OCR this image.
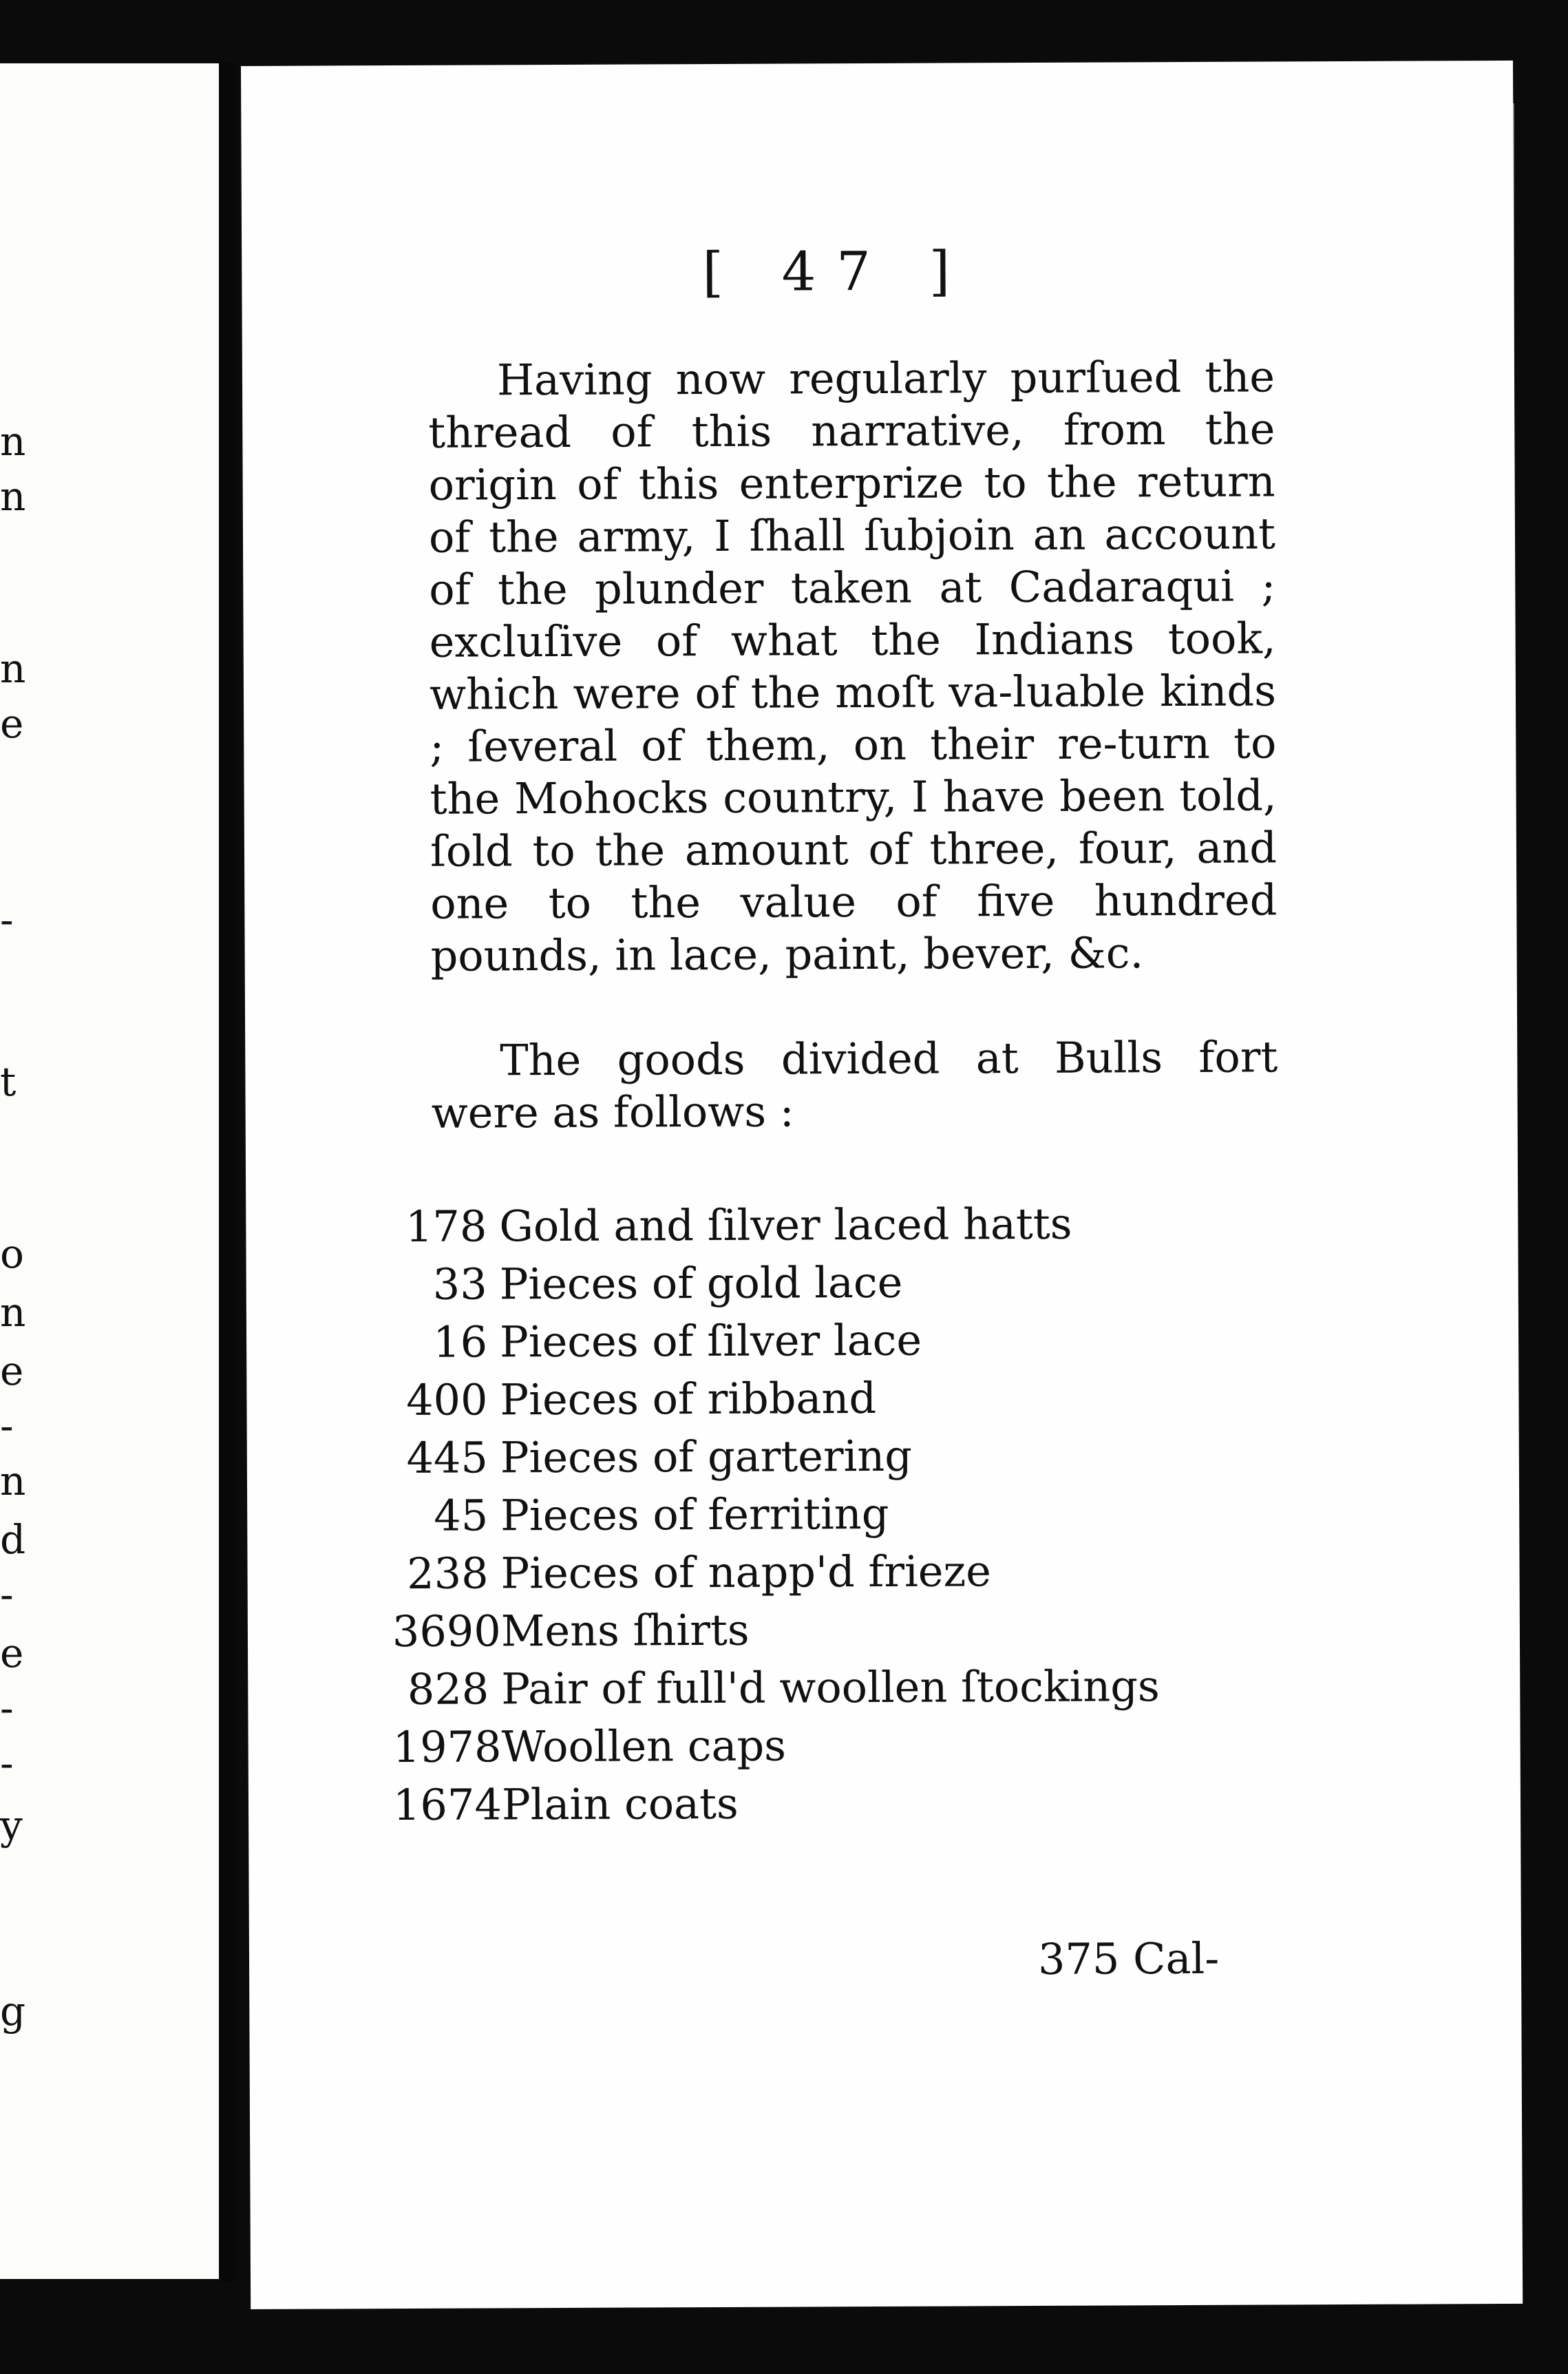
n
n
n
e
-
t
o
n
e
-
n
d
-
e
-
-
y
g
[ 47 ]

Having now regularly purſued the thread of this narrative, from the origin of this enterprize to the return of the army, I ſhall ſubjoin an account of the plunder taken at Cadaraqui ; excluſive of what the Indians took, which were of the moſt va-luable kinds ; ſeveral of them, on their re-turn to the Mohocks country, I have been told, ſold to the amount of three, four, and one to the value of five hundred pounds, in lace, paint, bever, &c.

The goods divided at Bulls fort were as follows :

178 Gold and ſilver laced hatts
33 Pieces of gold lace
16 Pieces of ſilver lace
400 Pieces of ribband
445 Pieces of gartering
45 Pieces of ferriting
238 Pieces of napp'd frieze
3690 Mens ſhirts
828 Pair of full'd woollen ſtockings
1978 Woollen caps
1674 Plain coats
375 Cal-
